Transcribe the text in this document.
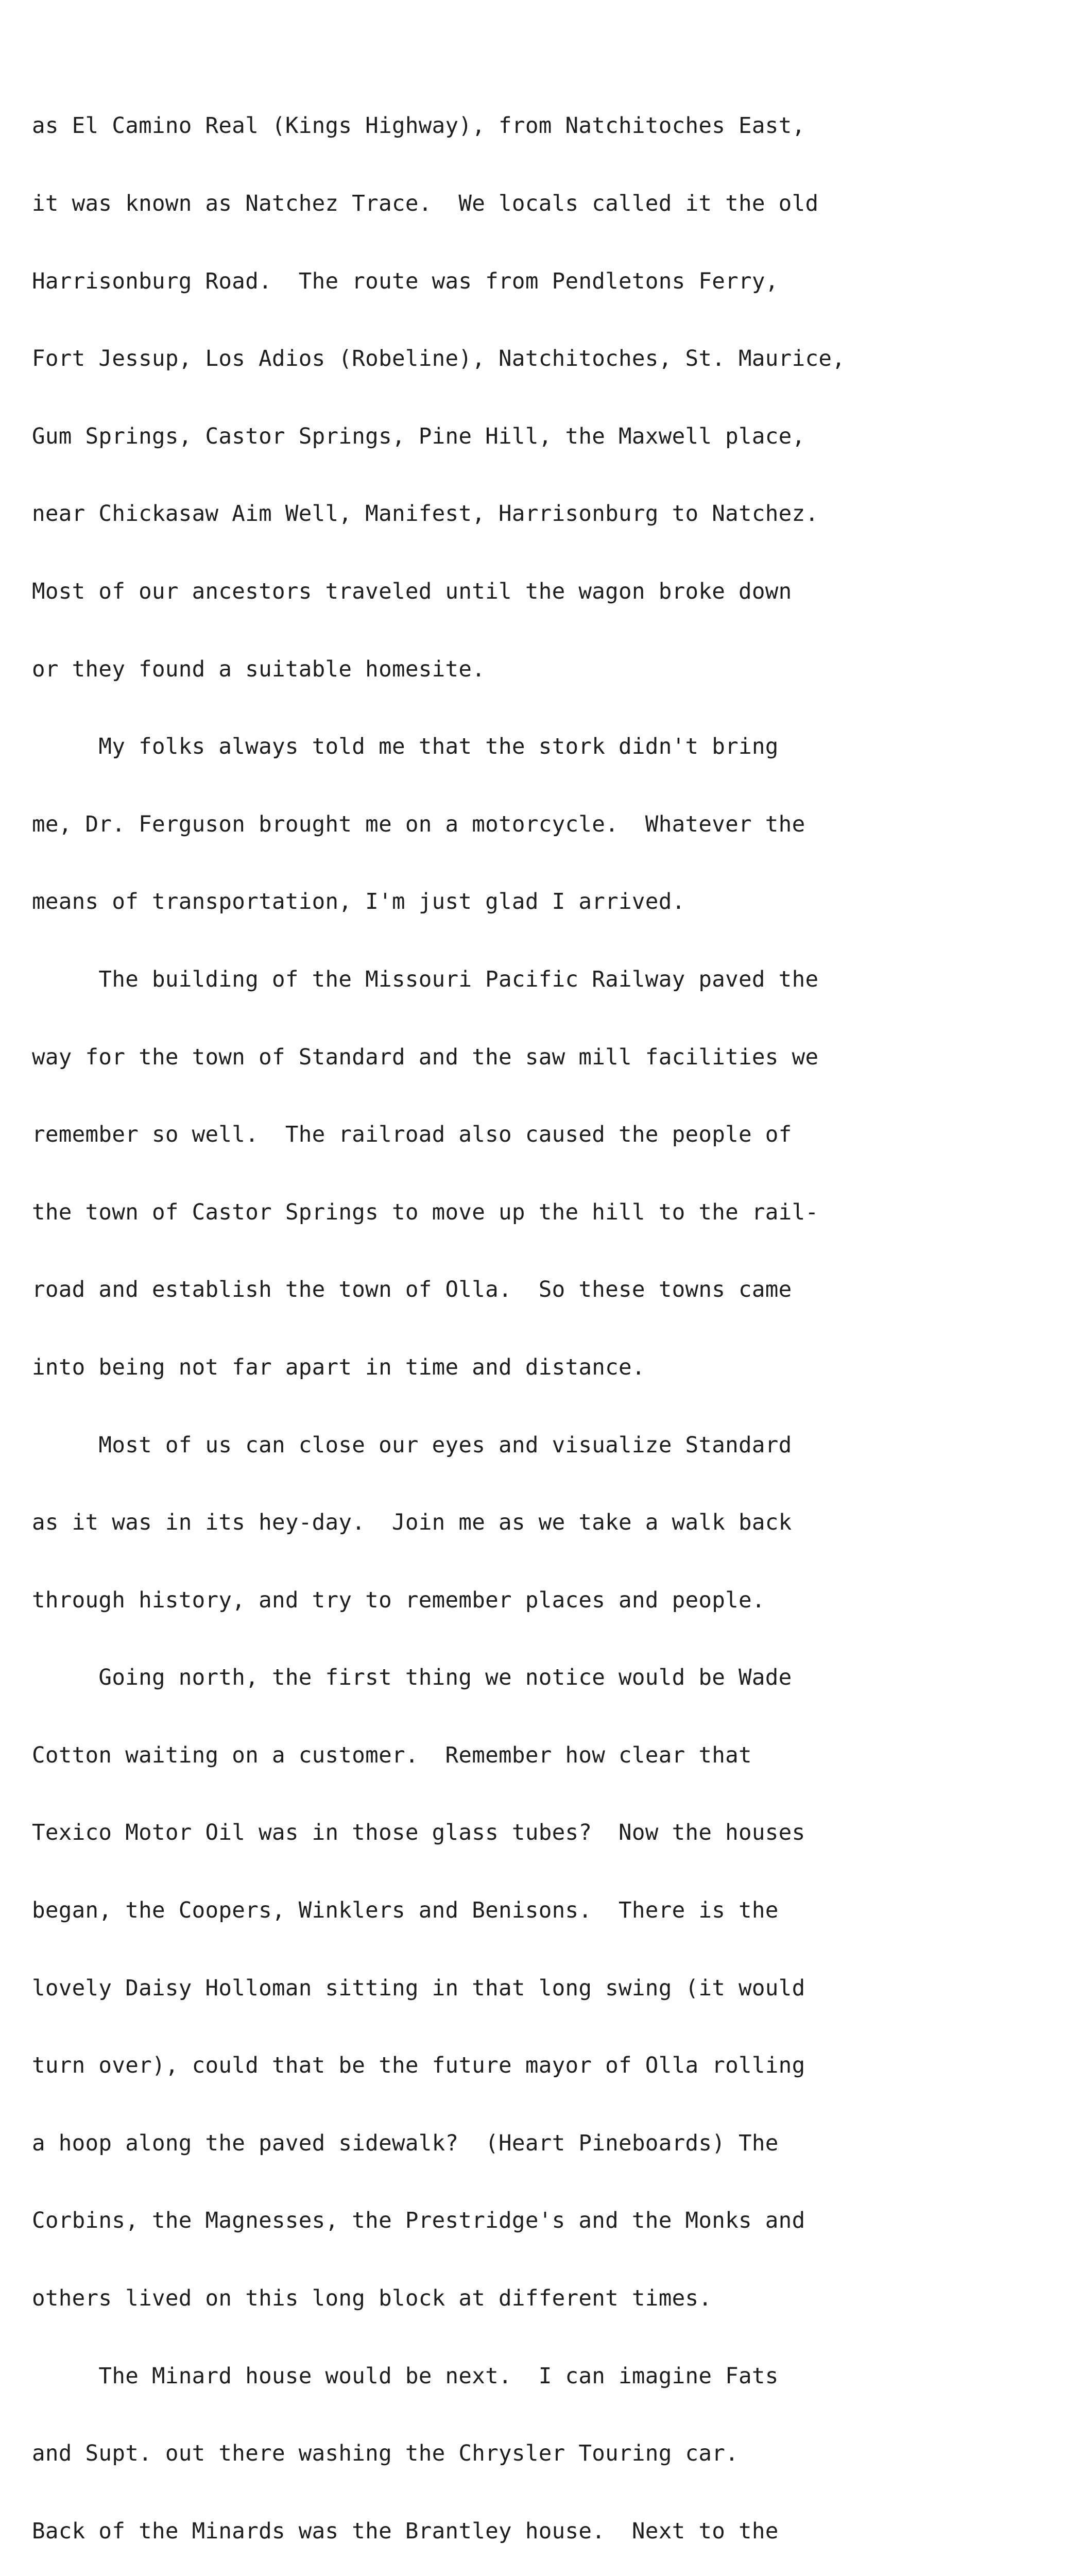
as El Camino Real (Kings Highway), from Natchitoches East,

it was known as Natchez Trace.  We locals called it the old

Harrisonburg Road.  The route was from Pendletons Ferry,

Fort Jessup, Los Adios (Robeline), Natchitoches, St. Maurice,

Gum Springs, Castor Springs, Pine Hill, the Maxwell place,

near Chickasaw Aim Well, Manifest, Harrisonburg to Natchez.

Most of our ancestors traveled until the wagon broke down

or they found a suitable homesite.

My folks always told me that the stork didn't bring

me, Dr. Ferguson brought me on a motorcycle.  Whatever the

means of transportation, I'm just glad I arrived.

The building of the Missouri Pacific Railway paved the

way for the town of Standard and the saw mill facilities we

remember so well.  The railroad also caused the people of

the town of Castor Springs to move up the hill to the rail-

road and establish the town of Olla.  So these towns came

into being not far apart in time and distance.

Most of us can close our eyes and visualize Standard

as it was in its hey-day.  Join me as we take a walk back

through history, and try to remember places and people.

Going north, the first thing we notice would be Wade

Cotton waiting on a customer.  Remember how clear that

Texico Motor Oil was in those glass tubes?  Now the houses

began, the Coopers, Winklers and Benisons.  There is the

lovely Daisy Holloman sitting in that long swing (it would

turn over), could that be the future mayor of Olla rolling

a hoop along the paved sidewalk?  (Heart Pineboards) The

Corbins, the Magnesses, the Prestridge's and the Monks and

others lived on this long block at different times.

The Minard house would be next.  I can imagine Fats

and Supt. out there washing the Chrysler Touring car.

Back of the Minards was the Brantley house.  Next to the
